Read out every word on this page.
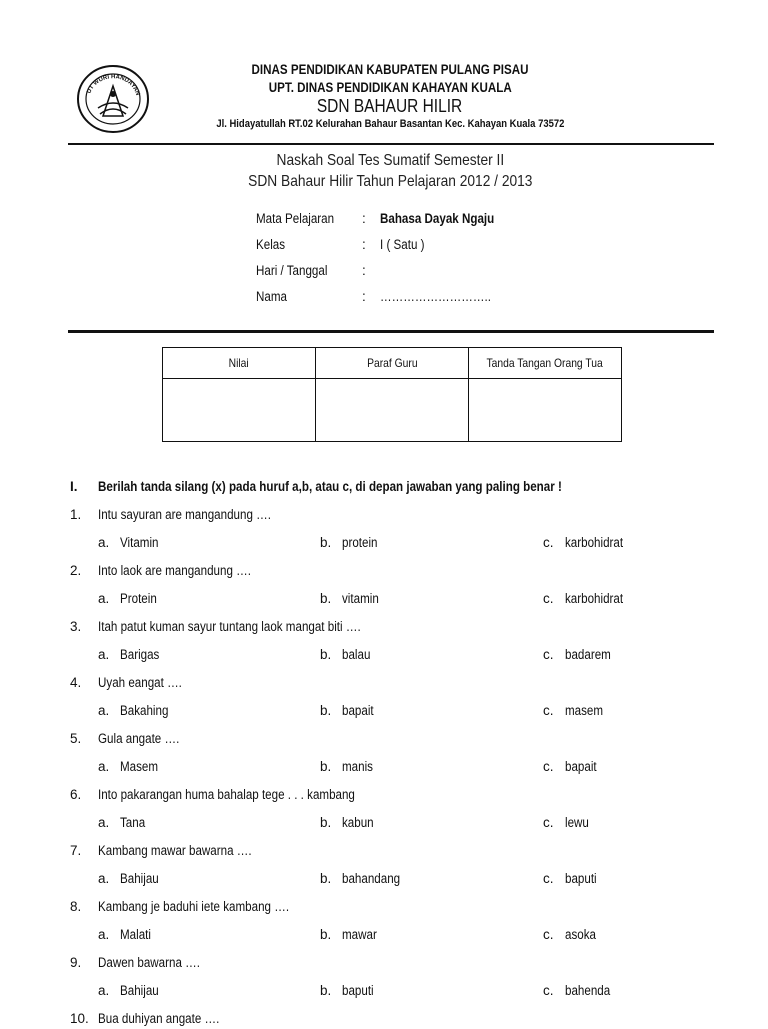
UT WURI HANDAYAN
DINAS PENDIDIKAN KABUPATEN PULANG PISAU
UPT. DINAS PENDIDIKAN KAHAYAN KUALA
SDN BAHAUR HILIR
Jl. Hidayatullah RT.02 Kelurahan Bahaur Basantan Kec. Kahayan Kuala 73572
Naskah Soal Tes Sumatif Semester II
SDN Bahaur Hilir Tahun Pelajaran 2012 / 2013
Mata Pelajaran : Bahasa Dayak Ngaju
Kelas	: I ( Satu )
Hari / Tanggal	:
Nama	: ………………………..
Nilai	Paraf Guru	Tanda Tangan Orang Tua

I. Berilah tanda silang (x) pada huruf a,b, atau c, di depan jawaban yang paling benar !
1. Intu sayuran are mangandung ….
a. Vitamin	b. protein	c. karbohidrat
2. Into laok are mangandung ….
a. Protein	b. vitamin	c. karbohidrat
3. Itah patut kuman sayur tuntang laok mangat biti ….
a. Barigas	b. balau	c. badarem
4. Uyah eangat ….
a. Bakahing	b. bapait	c. masem
5. Gula angate ….
a. Masem	b. manis	c. bapait
6. Into pakarangan huma bahalap tege . . . kambang
a. Tana	b. kabun	c. lewu
7. Kambang mawar bawarna ….
a. Bahijau	b. bahandang	c. baputi
8. Kambang je baduhi iete kambang ….
a. Malati	b. mawar	c. asoka
9. Dawen bawarna ….
a. Bahijau	b. baputi	c. bahenda
10. Bua duhiyan angate ….
